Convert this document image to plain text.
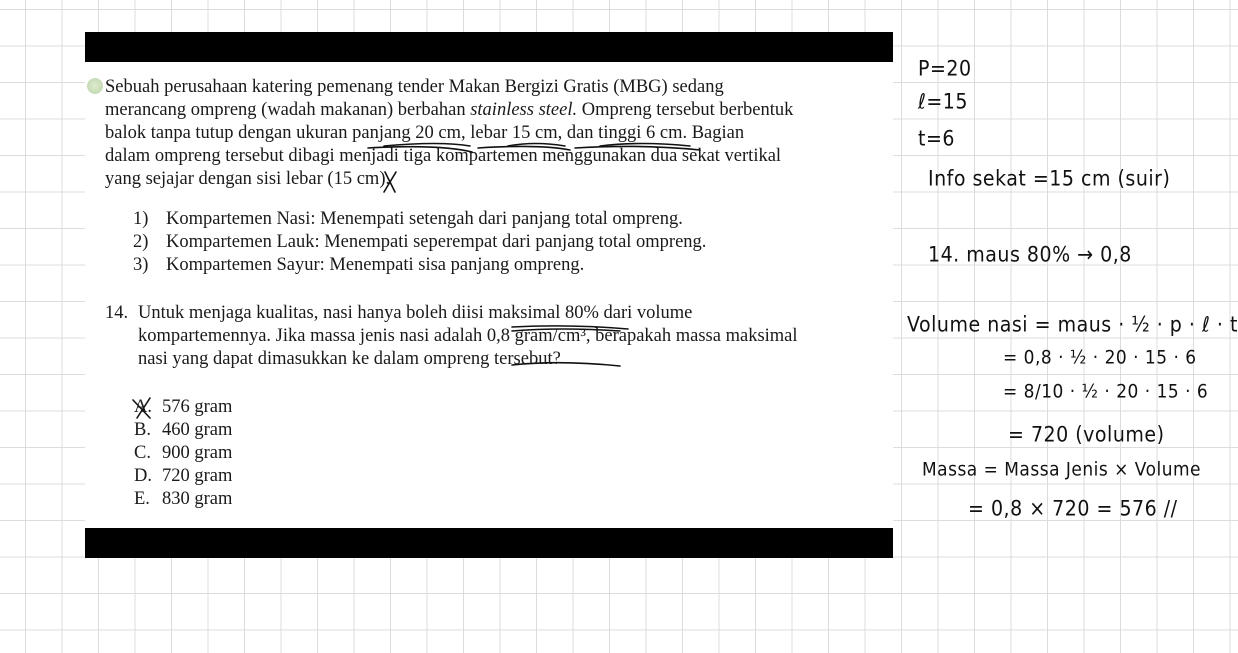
Sebuah perusahaan katering pemenang tender Makan Bergizi Gratis (MBG) sedang
merancang ompreng (wadah makanan) berbahan stainless steel. Ompreng tersebut berbentuk
balok tanpa tutup dengan ukuran panjang 20 cm, lebar 15 cm, dan tinggi 6 cm. Bagian
dalam ompreng tersebut dibagi menjadi tiga kompartemen menggunakan dua sekat vertikal
yang sejajar dengan sisi lebar (15 cm).
1) Kompartemen Nasi: Menempati setengah dari panjang total ompreng.
2) Kompartemen Lauk: Menempati seperempat dari panjang total ompreng.
3) Kompartemen Sayur: Menempati sisa panjang ompreng.
14. Untuk menjaga kualitas, nasi hanya boleh diisi maksimal 80% dari volume
kompartemennya. Jika massa jenis nasi adalah 0,8 gram/cm³, berapakah massa maksimal
nasi yang dapat dimasukkan ke dalam ompreng tersebut?
A. 576 gram
B. 460 gram
C. 900 gram
D. 720 gram
E. 830 gram
P=20
ℓ=15
t=6
Info sekat =15 cm (suir)
14. maus 80% → 0,8
Volume nasi = maus · ½ · p · ℓ · t
= 0,8 · ½ · 20 · 15 · 6
= 8/10 · ½ · 20 · 15 · 6
= 720 (volume)
Massa = Massa Jenis × Volume
= 0,8 × 720 = 576 //
